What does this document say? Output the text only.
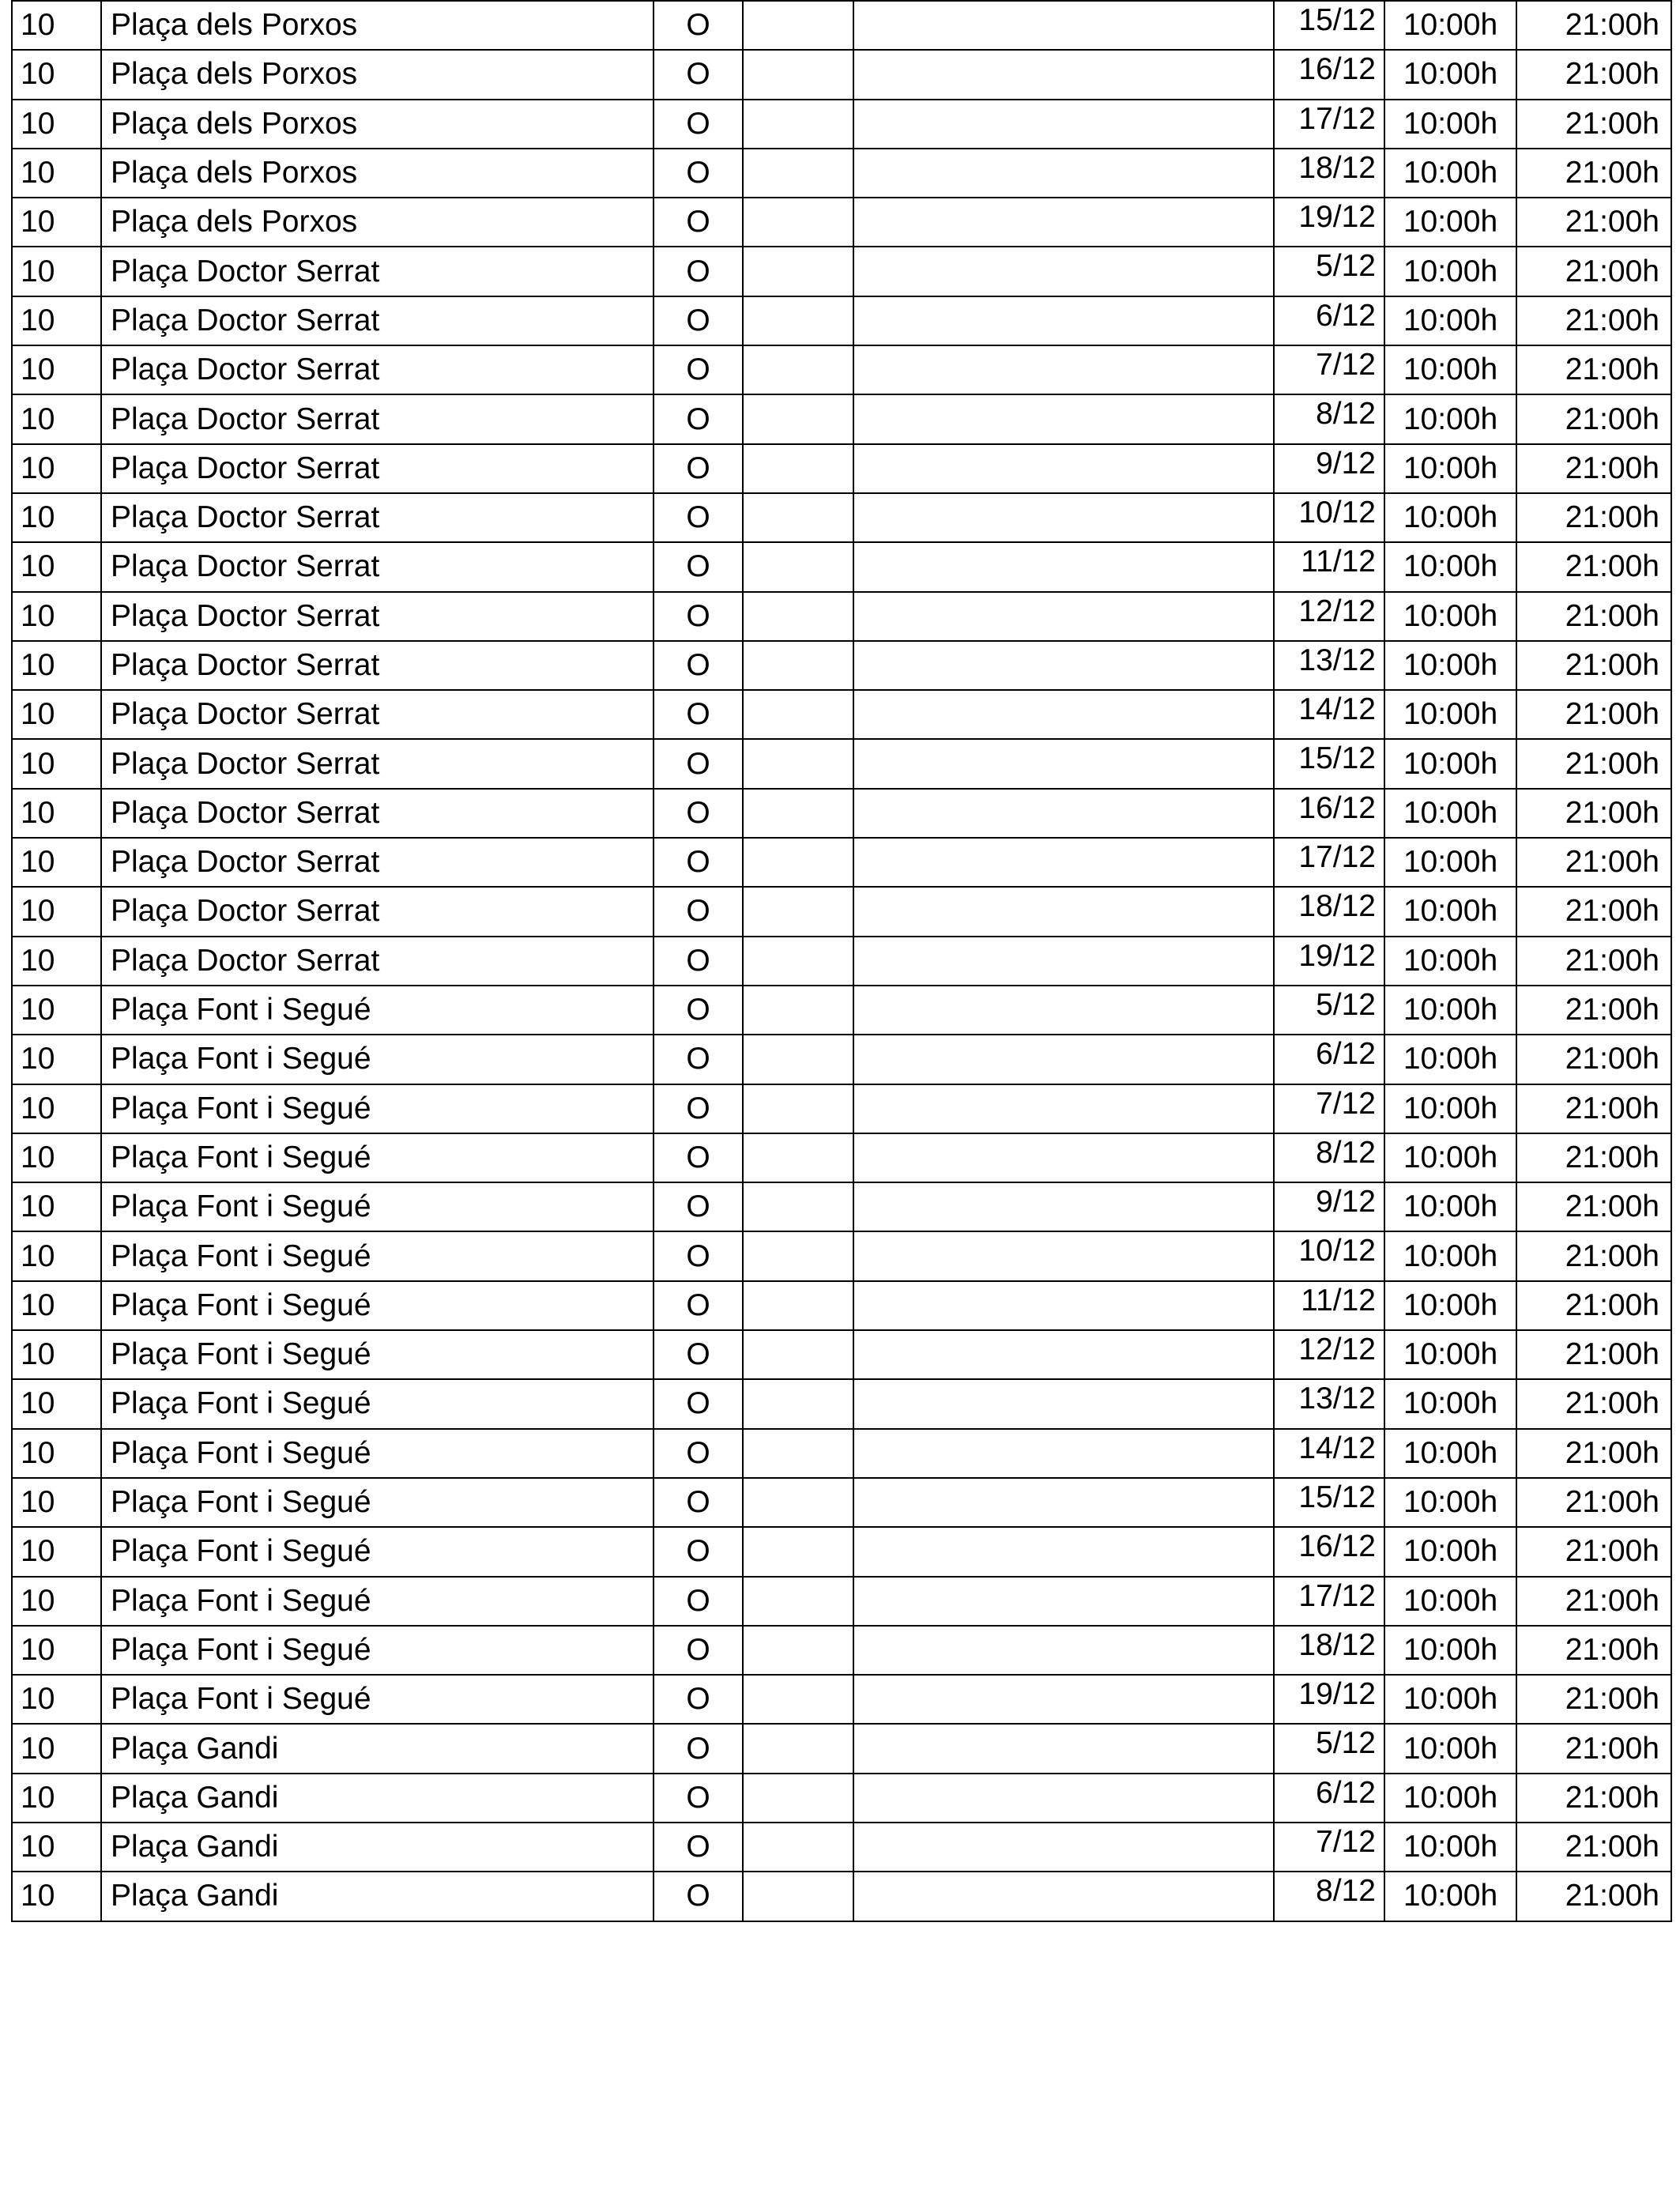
10	Plaça dels Porxos	O			15/12	10:00h	21:00h
10	Plaça dels Porxos	O			16/12	10:00h	21:00h
10	Plaça dels Porxos	O			17/12	10:00h	21:00h
10	Plaça dels Porxos	O			18/12	10:00h	21:00h
10	Plaça dels Porxos	O			19/12	10:00h	21:00h
10	Plaça Doctor Serrat	O			5/12	10:00h	21:00h
10	Plaça Doctor Serrat	O			6/12	10:00h	21:00h
10	Plaça Doctor Serrat	O			7/12	10:00h	21:00h
10	Plaça Doctor Serrat	O			8/12	10:00h	21:00h
10	Plaça Doctor Serrat	O			9/12	10:00h	21:00h
10	Plaça Doctor Serrat	O			10/12	10:00h	21:00h
10	Plaça Doctor Serrat	O			11/12	10:00h	21:00h
10	Plaça Doctor Serrat	O			12/12	10:00h	21:00h
10	Plaça Doctor Serrat	O			13/12	10:00h	21:00h
10	Plaça Doctor Serrat	O			14/12	10:00h	21:00h
10	Plaça Doctor Serrat	O			15/12	10:00h	21:00h
10	Plaça Doctor Serrat	O			16/12	10:00h	21:00h
10	Plaça Doctor Serrat	O			17/12	10:00h	21:00h
10	Plaça Doctor Serrat	O			18/12	10:00h	21:00h
10	Plaça Doctor Serrat	O			19/12	10:00h	21:00h
10	Plaça Font i Segué	O			5/12	10:00h	21:00h
10	Plaça Font i Segué	O			6/12	10:00h	21:00h
10	Plaça Font i Segué	O			7/12	10:00h	21:00h
10	Plaça Font i Segué	O			8/12	10:00h	21:00h
10	Plaça Font i Segué	O			9/12	10:00h	21:00h
10	Plaça Font i Segué	O			10/12	10:00h	21:00h
10	Plaça Font i Segué	O			11/12	10:00h	21:00h
10	Plaça Font i Segué	O			12/12	10:00h	21:00h
10	Plaça Font i Segué	O			13/12	10:00h	21:00h
10	Plaça Font i Segué	O			14/12	10:00h	21:00h
10	Plaça Font i Segué	O			15/12	10:00h	21:00h
10	Plaça Font i Segué	O			16/12	10:00h	21:00h
10	Plaça Font i Segué	O			17/12	10:00h	21:00h
10	Plaça Font i Segué	O			18/12	10:00h	21:00h
10	Plaça Font i Segué	O			19/12	10:00h	21:00h
10	Plaça Gandi	O			5/12	10:00h	21:00h
10	Plaça Gandi	O			6/12	10:00h	21:00h
10	Plaça Gandi	O			7/12	10:00h	21:00h
10	Plaça Gandi	O			8/12	10:00h	21:00h
